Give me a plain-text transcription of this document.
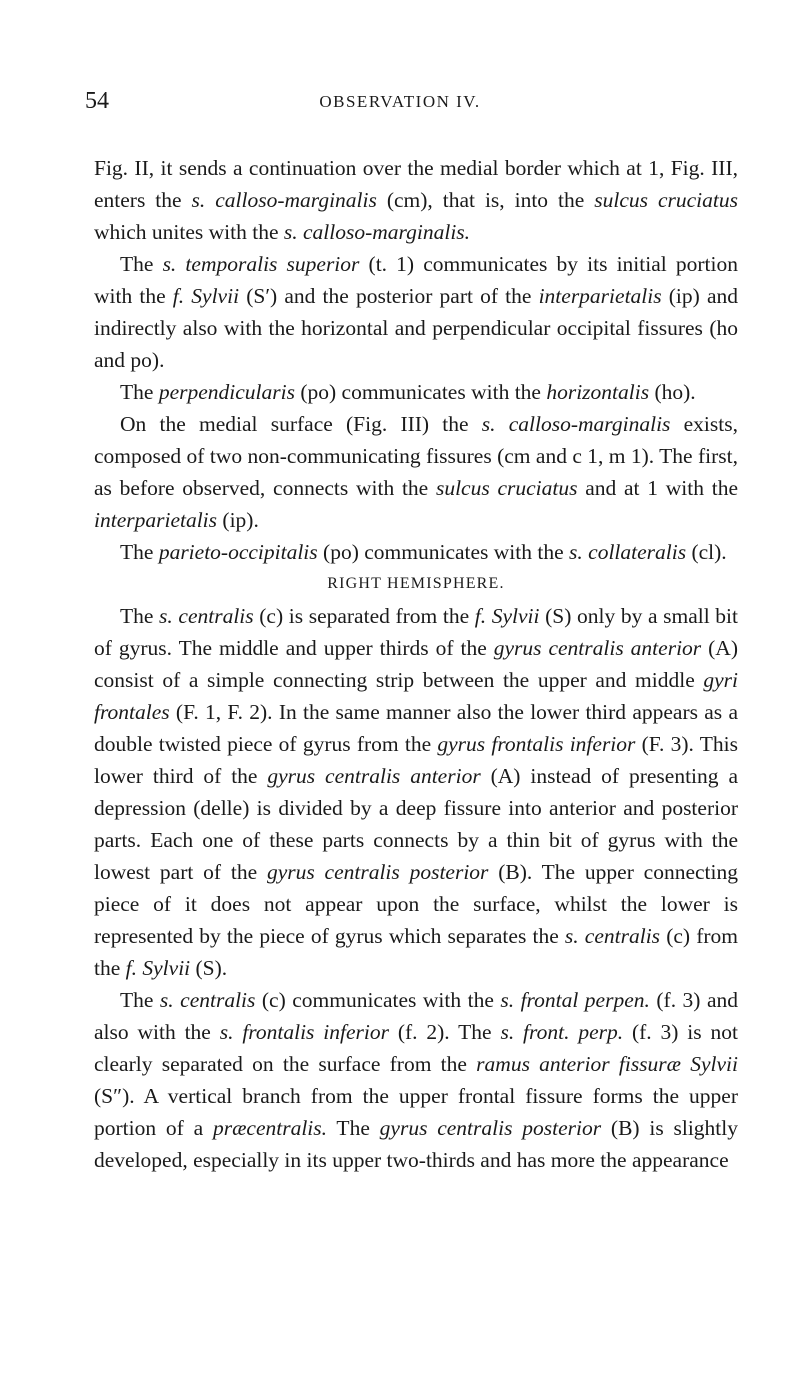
54	OBSERVATION IV.

Fig. II, it sends a continuation over the medial border which at 1, Fig. III, enters the s. calloso-marginalis (cm), that is, into the sulcus cruciatus which unites with the s. calloso-marginalis.

The s. temporalis superior (t. 1) communicates by its initial portion with the f. Sylvii (S′) and the posterior part of the interparietalis (ip) and indirectly also with the horizontal and perpendicular occipital fissures (ho and po).

The perpendicularis (po) communicates with the horizontalis (ho).

On the medial surface (Fig. III) the s. calloso-marginalis exists, composed of two non-communicating fissures (cm and c 1, m 1). The first, as before observed, connects with the sulcus cruciatus and at 1 with the interparietalis (ip).

The parieto-occipitalis (po) communicates with the s. collateralis (cl).

RIGHT HEMISPHERE.

The s. centralis (c) is separated from the f. Sylvii (S) only by a small bit of gyrus. The middle and upper thirds of the gyrus centralis anterior (A) consist of a simple connecting strip between the upper and middle gyri frontales (F. 1, F. 2). In the same manner also the lower third appears as a double twisted piece of gyrus from the gyrus frontalis inferior (F. 3). This lower third of the gyrus centralis anterior (A) instead of presenting a depression (delle) is divided by a deep fissure into anterior and posterior parts. Each one of these parts connects by a thin bit of gyrus with the lowest part of the gyrus centralis posterior (B). The upper connecting piece of it does not appear upon the surface, whilst the lower is represented by the piece of gyrus which separates the s. centralis (c) from the f. Sylvii (S).

The s. centralis (c) communicates with the s. frontal perpen. (f. 3) and also with the s. frontalis inferior (f. 2). The s. front. perp. (f. 3) is not clearly separated on the surface from the ramus anterior fissuræ Sylvii (S″). A vertical branch from the upper frontal fissure forms the upper portion of a præcentralis. The gyrus centralis posterior (B) is slightly developed, especially in its upper two-thirds and has more the appearance
